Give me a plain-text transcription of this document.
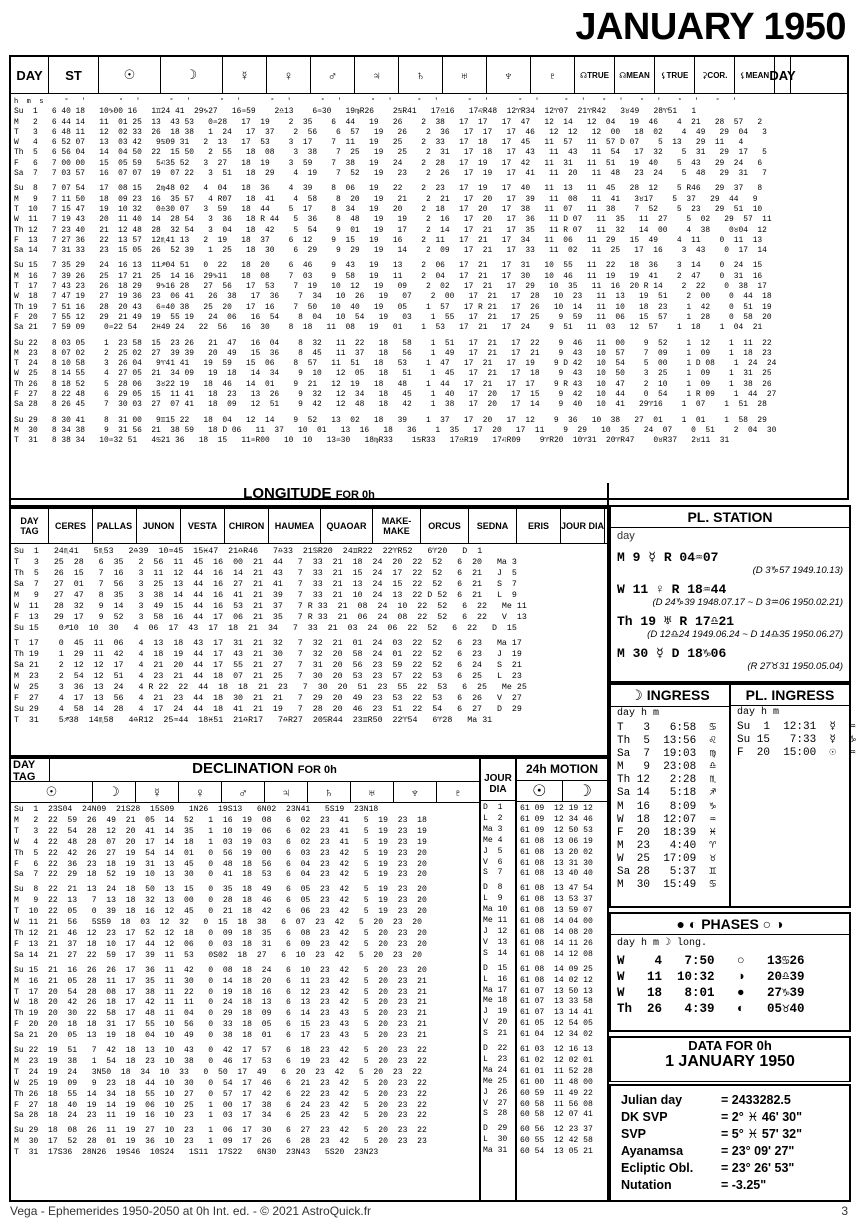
JANUARY 1950
DAY	ST	☉	☽	☿	♀	♂	♃	♄	♅	♆	♇	☊TRUE	☊MEAN	⚸TRUE	⚳COR.	⚸MEAN DAY
h  m  s     °   '        °   '       °   '       °   '       °   '       °   '       °   '      °   '       °   '       °   '      °   '    °   '    °   '    °   '    °   '
Su  1   6 40 18   10♑00 16   1♊24 41  29♑27   16♒59    2♎13    6♒30   19♍R26    2♋R41   17♎16   17♌R48  12♈R34  12♈07  21♈R42   3♉49   28♈51   1
M   2   6 44 14   11  01 25  13  43 53   0♒28   17  19    2  35    6  44   19   26    2  38   17  17   17  47   12  14   12  04   19  46    4  21   28  57   2
T   3   6 48 11   12  02 33  26  18 38   1  24   17  37    2  56    6  57   19   26    2  36   17  17   17  46   12  12   12  00   18  02    4  49   29  04   3
W   4   6 52 07   13  03 42   9♋09 31   2  13   17  53    3  17    7  11   19   25    2  33   17  18   17  45   11  57   11  57 D 07    5  13   29  11   4
Th  5   6 56 04   14  04 50  22  15 50   2  55   18  08    3  38    7  25   19   25    2  31   17  18   17  43   11  43   11  54   17  32    5  31   29  17   5
F   6   7 00 00   15  05 59   5♌35 52   3  27   18  19    3  59    7  38   19   24    2  28   17  19   17  42   11  31   11  51   19  40    5  43   29  24   6
Sa  7   7 03 57   16  07 07  19  07 22   3  51   18  29    4  19    7  52   19   23    2  26   17  19   17  41   11  20   11  48   23  24    5  48   29  31   7

Su  8   7 07 54   17  08 15   2♍48 02   4  04   18  36    4  39    8  06   19   22    2  23   17  19   17  40   11  13   11  45   28  12    5 R46   29  37   8
M   9   7 11 50   18  09 23  16  35 57   4 R07   18  41    4  58    8  20   19   21    2  21   17  20   17  39   11  08   11  41   3♉17    5  37   29  44   9
T  10   7 15 47   19  10 32   0♎30 07   3  59   18  44    5  17    8  34   19   20    2  18   17  20   17  38   11  07   11  38    7  52    5  23   29  51  10
W  11   7 19 43   20  11 40  14  28 54   3  36   18 R 44   5  36    8  48   19   19    2  16   17  20   17  36   11 D 07   11  35   11  27    5  02   29  57  11
Th 12   7 23 40   21  12 48  28  32 54   3  04   18  42    5  54    9  01   19   17    2  14   17  21   17  35   11 R 07   11  32   14  00    4  38    0♉04  12
F  13   7 27 36   22  13 57  12♏41 13   2  19   18  37    6  12    9  15   19   16    2  11   17  21   17  34   11  06   11  29   15  49    4  11    0  11  13
Sa 14   7 31 33   23  15 05  26  52 39   1  25   18  30    6  29    9  29   19   14    2  09   17  21   17  33   11  02   11  25   17  16    3  43    0  17  14

Su 15   7 35 29   24  16 13  11♐04 51   0  22   18  20    6  46    9  43   19   13    2  06   17  21   17  31   10  55   11  22   18  36    3  14    0  24  15
M  16   7 39 26   25  17 21  25  14 16  29♑11   18  08    7  03    9  58   19   11    2  04   17  21   17  30   10  46   11  19   19  41    2  47    0  31  16
T  17   7 43 23   26  18 29   9♑16 28   27  56   17  53    7  19   10  12   19   09    2  02   17  21   17  29   10  35   11  16  20 R 14    2  22    0  38  17
W  18   7 47 19   27  19 36  23  06 41   26  38   17  36    7  34   10  26   19   07    2  00   17  21   17  28   10  23   11  13   19  51    2  00    0  44  18
Th 19   7 51 16   28  20 43   6♒40 38   25  20   17  16    7  50   10  40   19   05    1  57   17 R 21   17  26   10  14   11  10   18  23    1  42    0  51  19
F  20   7 55 12   29  21 49  19  55 19   24  06   16  54    8  04   10  54   19   03    1  55   17  21   17  25    9  59   11  06   15  57    1  28    0  58  20
Sa 21   7 59 09    0♒22 54   2♓49 24   22  56   16  30    8  18   11  08   19   01    1  53   17  21   17  24    9  51   11  03   12  57    1  18    1  04  21

Su 22   8 03 05    1  23 58  15  23 26   21  47   16  04    8  32   11  22   18   58    1  51   17  21   17  22    9  46   11  00    9  52    1  12    1  11  22
M  23   8 07 02    2  25 02  27  39 39   20  49   15  36    8  45   11  37   18   56    1  49   17  21   17  21    9  43   10  57    7  09    1  09    1  18  23
T  24   8 10 58    3  26 04   9♈41 41   19  59   15  06    8  57   11  51   18   53    1  47   17  21   17  19    9 D 42   10  54    5  00    1 D 08    1  24  24
W  25   8 14 55    4  27 05  21  34 09   19  18   14  34    9  10   12  05   18   51    1  45   17  21   17  18    9  43   10  50    3  25    1  09    1  31  25
Th 26   8 18 52    5  28 06   3♉22 19   18  46   14  01    9  21   12  19   18   48    1  44   17  21   17  17    9 R 43   10  47    2  10    1  09    1  38  26
F  27   8 22 48    6  29 05  15  11 41   18  23   13  26    9  32   12  34   18   45    1  40   17  20   17  15    9  42   10  44    0  54    1 R 09    1  44  27
Sa 28   8 26 45    7  30 03  27  07 41   18  09   12  51    9  42   12  48   18   42    1  38   17  20   17  14    9  40   10  41   29♈16    1  07    1  51  28

Su 29   8 30 41    8  31 00   9♊15 22   18  04   12  14    9  52   13  02   18   39    1  37   17  20   17  12    9  36   10  38   27  01    1  01    1  58  29
M  30   8 34 38    9  31 56  21  38 59   18 D 06   11  37   10  01   13  16   18   36    1  35   17  20   17  11    9  29   10  35   24  07    0  51    2  04  30
T  31   8 38 34   10♒32 51   4♋21 36   18  15   11♒R00   10  10   13♒30   18♍R33    1♋R33   17♎R19   17♌R09    9♈R20  10♈31  20♈R47    0♉R37   2♉11  31
LONGITUDE FOR 0h
DAY TAG	CERES	PALLAS	JUNON	VESTA	CHIRON	HAUMEA	QUAOAR	MAKE-MAKE	ORCUS	SEDNA	ERIS	JOUR DIA
Su  1   24♏41   5♏53   2♎39  10♒45  15♓47  21♎R46   7♎33  21♋R20  24♊R22  22♈R52   6♈20   D  1
T   3   25  28   6  35   2  56  11  45  16  00  21  44   7  33  21  18  24  20  22  52   6  20   Ma 3
Th  5   26  15   7  16   3  11  12  44  16  14  21  43   7  33  21  15  24  17  22  52   6  21   J  5
Sa  7   27  01   7  56   3  25  13  44  16  27  21  41   7  33  21  13  24  15  22  52   6  21   S  7
M   9   27  47   8  35   3  38  14  44  16  41  21  39   7  33  21  10  24  13  22 D 52  6  21   L  9
W  11   28  32   9  14   3  49  15  44  16  53  21  37   7 R 33  21  08  24  10  22  52   6  22   Me 11
F  13   29  17   9  52   3  58  16  44  17  06  21  35   7 R 33  21  06  24  08  22  52   6  22   V  13
Su 15    0♐10  10  30   4  06  17  43  17  18  21  34   7  33  21  03  24  06  22  52   6  22   D  15

T  17    0  45  11  06   4  13  18  43  17  31  21  32   7  32  21  01  24  03  22  52   6  23   Ma 17
Th 19    1  29  11  42   4  18  19  44  17  43  21  30   7  32  20  58  24  01  22  52   6  23   J  19
Sa 21    2  12  12  17   4  21  20  44  17  55  21  27   7  31  20  56  23  59  22  52   6  24   S  21
M  23    2  54  12  51   4  23  21  44  18  07  21  25   7  30  20  53  23  57  22  53   6  25   L  23
W  25    3  36  13  24   4 R 22  22  44  18  18  21  23   7  30  20  51  23  55  22  53   6  25   Me 25
F  27    4  17  13  56   4  21  23  44  18  30  21  21   7  29  20  49  23  53  22  53   6  26   V  27
Su 29    4  58  14  28   4  17  24  44  18  41  21  19   7  28  20  46  23  51  22  54   6  27   D  29
T  31    5♐38  14♏58   4♎R12  25♒44  18♓51  21♎R17   7♎R27  20♋R44  23♊R50  22♈54   6♈28   Ma 31
DAY TAG	DECLINATION FOR 0h
☉	☽	☿	♀	♂	♃	♄	♅	♆	♇
Su  1  23S04  24N09  21S28  15S09   1N26  19S13   6N02  23N41   5S19  23N18
M   2  22  59  26  49  21  05  14  52   1  16  19  08   6  02  23  41   5  19  23  18
T   3  22  54  28  12  20  41  14  35   1  10  19  06   6  02  23  41   5  19  23  19
W   4  22  48  28  07  20  17  14  18   1  03  19  03   6  02  23  41   5  19  23  19
Th  5  22  42  26  27  19  54  14  01   0  56  19  00   6  03  23  42   5  19  23  20
F   6  22  36  23  18  19  31  13  45   0  48  18  56   6  04  23  42   5  19  23  20
Sa  7  22  29  18  52  19  10  13  30   0  41  18  53   6  04  23  42   5  19  23  20

Su  8  22  21  13  24  18  50  13  15   0  35  18  49   6  05  23  42   5  19  23  20
M   9  22  13   7  13  18  32  13  00   0  28  18  46   6  05  23  42   5  19  23  20
T  10  22  05   0  39  18  16  12  45   0  21  18  42   6  06  23  42   5  19  23  20
W  11  21  56   5S59  18  03  12  32   0  15  18  38   6  07  23  42   5  20  23  20
Th 12  21  46  12  23  17  52  12  18   0  09  18  35   6  08  23  42   5  20  23  20
F  13  21  37  18  10  17  44  12  06   0  03  18  31   6  09  23  42   5  20  23  20
Sa 14  21  27  22  59  17  39  11  53   0S02  18  27   6  10  23  42   5  20  23  20

Su 15  21  16  26  26  17  36  11  42   0  08  18  24   6  10  23  42   5  20  23  20
M  16  21  05  28  11  17  35  11  30   0  14  18  20   6  11  23  42   5  20  23  21
T  17  20  54  28  08  17  38  11  22   0  19  18  16   6  12  23  42   5  20  23  21
W  18  20  42  26  18  17  42  11  11   0  24  18  13   6  13  23  42   5  20  23  21
Th 19  20  30  22  58  17  48  11  04   0  29  18  09   6  14  23  43   5  20  23  21
F  20  20  18  18  31  17  55  10  56   0  33  18  05   6  15  23  43   5  20  23  21
Sa 21  20  05  13  19  18  04  10  49   0  38  18  01   6  17  23  43   5  20  23  21

Su 22  19  51   7  42  18  13  10  43   0  42  17  57   6  18  23  42   5  20  23  22
M  23  19  38   1  54  18  23  10  38   0  46  17  53   6  19  23  42   5  20  23  22
T  24  19  24   3N50  18  34  10  33   0  50  17  49   6  20  23  42   5  20  23  22
W  25  19  09   9  23  18  44  10  30   0  54  17  46   6  21  23  42   5  20  23  22
Th 26  18  55  14  34  18  55  10  27   0  57  17  42   6  22  23  42   5  20  23  22
F  27  18  40  19  14  19  06  10  25   1  00  17  38   6  24  23  42   5  20  23  22
Sa 28  18  24  23  11  19  16  10  23   1  03  17  34   6  25  23  42   5  20  23  22

Su 29  18  08  26  11  19  27  10  23   1  06  17  30   6  27  23  42   5  20  23  22
M  30  17  52  28  01  19  36  10  23   1  09  17  26   6  28  23  42   5  20  23  23
T  31  17S36  28N26  19S46  10S24   1S11  17S22   6N30  23N43   5S20  23N23
JOUR DIA
D  1
L  2
Ma 3
Me 4
J  5
V  6
S  7

D  8
L  9
Ma 10
Me 11
J  12
V  13
S  14

D  15
L  16
Ma 17
Me 18
J  19
V  20
S  21

D  22
L  23
Ma 24
Me 25
J  26
V  27
S  28

D  29
L  30
Ma 31
24h MOTION
☉	☽
61 09  12 19 12
61 09  12 34 46
61 09  12 50 53
61 08  13 06 19
61 08  13 20 02
61 08  13 31 30
61 08  13 40 40

61 08  13 47 54
61 08  13 53 37
61 08  13 59 07
61 08  14 04 00
61 08  14 08 20
61 08  14 11 26
61 08  14 12 08

61 08  14 09 25
61 08  14 02 12
61 07  13 50 13
61 07  13 33 58
61 07  13 14 41
61 05  12 54 05
61 04  12 34 02

61 03  12 16 13
61 02  12 02 01
61 01  11 52 28
61 00  11 48 00
60 59  11 49 22
60 58  11 56 08
60 58  12 07 41

60 56  12 23 37
60 55  12 42 58
60 54  13 05 21
PL. STATION
day
M 9 ☿ R 04♒07
(D 3♑57 1949.10.13)
W 11 ♀ R 18♒44
(D 24♑39 1948.07.17 ~ D 3♒06 1950.02.21)
Th 19 ♅ R 17♎21
(D 12♎24 1949.06.24 ~ D 14♎35 1950.06.27)
M 30 ☿ D 18♑06
(R 27♉31 1950.05.04)
☽ INGRESS
day h m
T   3   6:58  ♋
Th  5  13:56  ♌
Sa  7  19:03  ♍
M   9  23:08  ♎
Th 12   2:28  ♏
Sa 14   5:18  ♐
M  16   8:09  ♑
W  18  12:07  ♒
F  20  18:39  ♓
M  23   4:40  ♈
W  25  17:09  ♉
Sa 28   5:37  ♊
M  30  15:49  ♋
PL. INGRESS
day h m
Su  1  12:31  ☿  ♒
Su 15   7:33  ☿  ♑
F  20  15:00  ☉  ♒
● ◐ PHASES ○ ◑
day h m ☽ long.
W    4   7:50   ○   13♋26
W   11  10:32   ◑   20♎39
W   18   8:01   ●   27♑39
Th  26   4:39   ◐   05♉40
DATA FOR 0h
1 JANUARY 1950
Julian day	= 2433282.5
DK SVP	= 2° ♓ 46' 30"
SVP	= 5° ♓ 57' 32"
Ayanamsa	= 23° 09' 27"
Ecliptic Obl.	= 23° 26' 53"
Nutation	= -3.25"
Vega - Ephemerides 1950-2050 at 0h Int. ed. - © 2021 AstroQuick.fr	3
